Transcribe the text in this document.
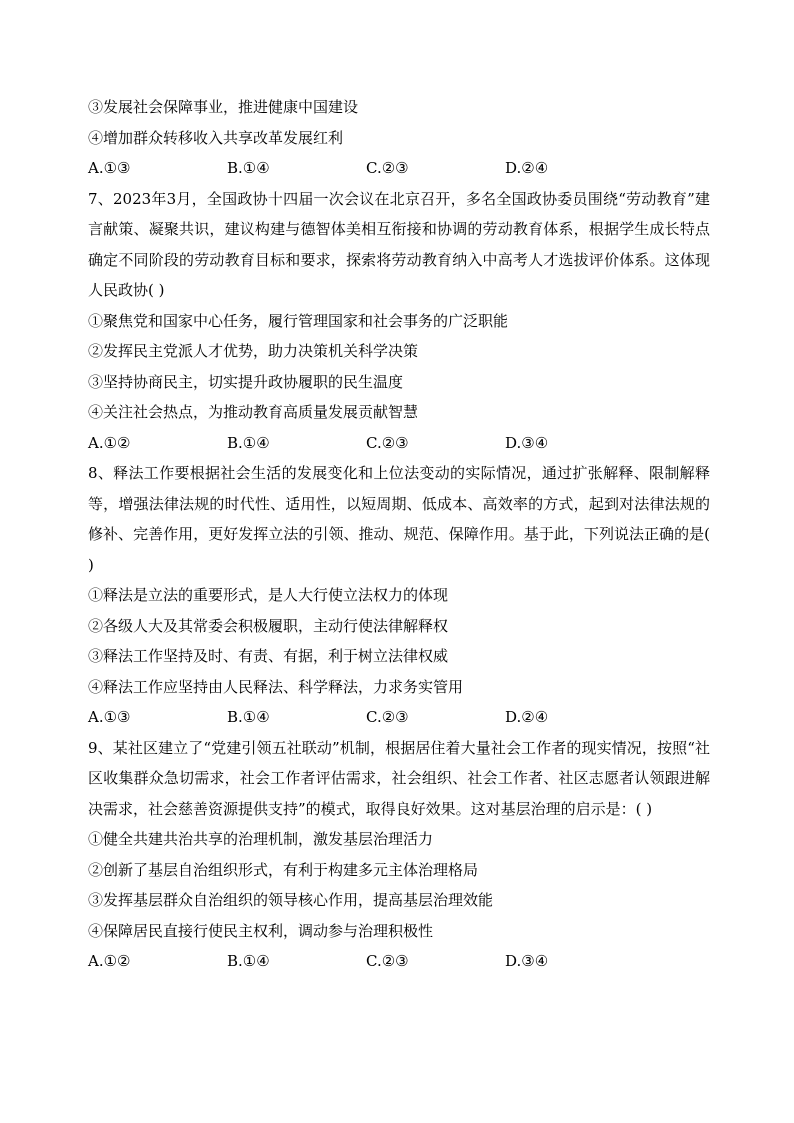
③发展社会保障事业，推进健康中国建设
④增加群众转移收入共享改革发展红利
A.①③	B.①④	C.②③	D.②④
7、2023年3月，全国政协十四届一次会议在北京召开，多名全国政协委员围绕“劳动教育”建言献策、凝聚共识，建议构建与德智体美相互衔接和协调的劳动教育体系，根据学生成长特点确定不同阶段的劳动教育目标和要求，探索将劳动教育纳入中高考人才选拔评价体系。这体现人民政协( )
①聚焦党和国家中心任务，履行管理国家和社会事务的广泛职能
②发挥民主党派人才优势，助力决策机关科学决策
③坚持协商民主，切实提升政协履职的民生温度
④关注社会热点，为推动教育高质量发展贡献智慧
A.①②	B.①④	C.②③	D.③④
8、释法工作要根据社会生活的发展变化和上位法变动的实际情况，通过扩张解释、限制解释等，增强法律法规的时代性、适用性，以短周期、低成本、高效率的方式，起到对法律法规的修补、完善作用，更好发挥立法的引领、推动、规范、保障作用。基于此，下列说法正确的是( )
①释法是立法的重要形式，是人大行使立法权力的体现
②各级人大及其常委会积极履职，主动行使法律解释权
③释法工作坚持及时、有责、有据，利于树立法律权威
④释法工作应坚持由人民释法、科学释法，力求务实管用
A.①③	B.①④	C.②③	D.②④
9、某社区建立了“党建引领五社联动”机制，根据居住着大量社会工作者的现实情况，按照“社区收集群众急切需求，社会工作者评估需求，社会组织、社会工作者、社区志愿者认领跟进解决需求，社会慈善资源提供支持”的模式，取得良好效果。这对基层治理的启示是：( )
①健全共建共治共享的治理机制，激发基层治理活力
②创新了基层自治组织形式，有利于构建多元主体治理格局
③发挥基层群众自治组织的领导核心作用，提高基层治理效能
④保障居民直接行使民主权利，调动参与治理积极性
A.①②	B.①④	C.②③	D.③④
